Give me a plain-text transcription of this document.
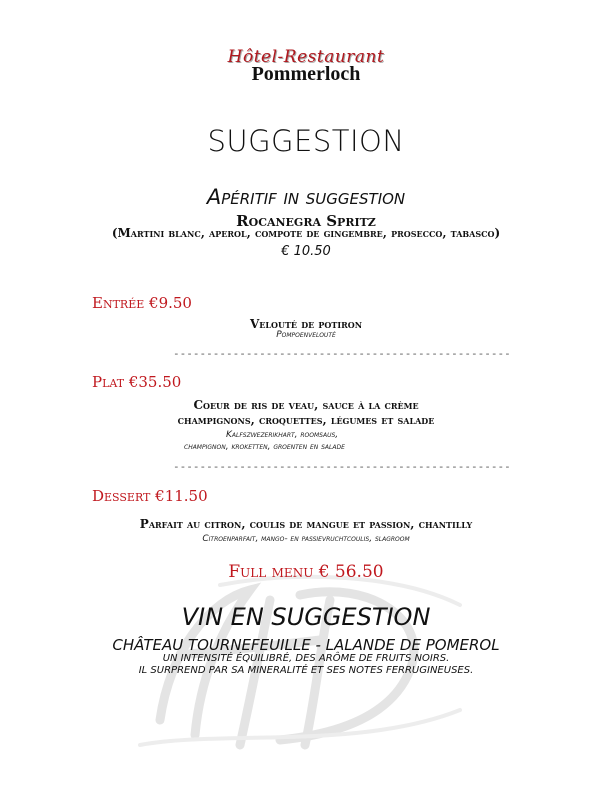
Hôtel-Restaurant
Pommerloch
SUGGESTION
Apéritif in suggestion
Rocanegra Spritz
(Martini blanc, aperol, compote de gingembre, prosecco, tabasco)
€ 10.50
Entrée €9.50
Velouté de potiron
Pompoenvelouté
---------------------------------------------------
Plat €35.50
Coeur de ris de veau, sauce à la crème
champignons, croquettes, légumes et salade
Kalfszwezerikhart, roomsaus,
champignon, kroketten, groenten en salade
---------------------------------------------------
Dessert €11.50
Parfait au citron, coulis de mangue et passion, chantilly
Citroenparfait, mango- en passievruchtcoulis, slagroom
Full menu € 56.50
VIN EN SUGGESTION
CHÂTEAU TOURNEFEUILLE - LALANDE DE POMEROL
UN INTENSITÉ ÉQUILIBRÉ, DES ARÔME DE FRUITS NOIRS.
IL SURPREND PAR SA MINERALITÉ ET SES NOTES FERRUGINEUSES.
